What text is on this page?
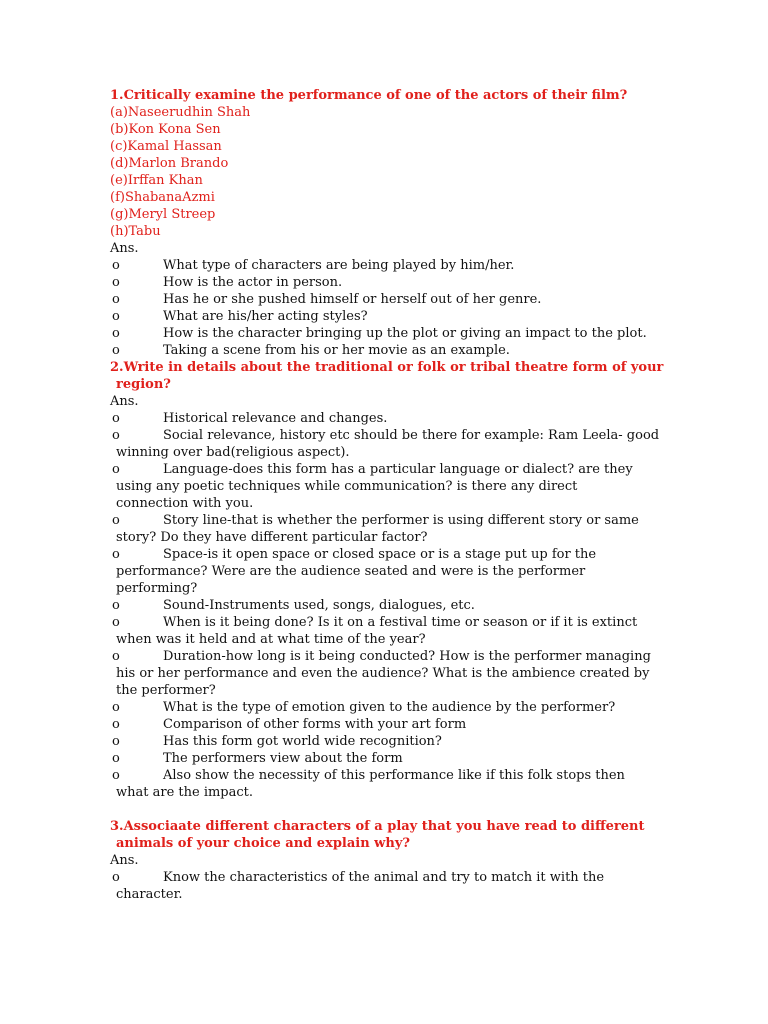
1.Critically examine the performance of one of the actors of their film?

(a)Naseerudhin Shah

(b)Kon Kona Sen

(c)Kamal Hassan

(d)Marlon Brando

(e)Irffan Khan

(f)ShabanaAzmi

(g)Meryl Streep

(h)Tabu

Ans.

o	What type of characters are being played by him/her.

o	How is the actor in person.

o	Has he or she pushed himself or herself out of her genre.

o	What are his/her acting styles?

o	How is the character bringing up the plot or giving an impact to the plot.

o	Taking a scene from his or her movie as an example.

2.Write in details about the traditional or folk or tribal theatre form of your
region?

Ans.

o	Historical relevance and changes.

o	Social relevance, history etc should be there for example: Ram Leela- good
winning over bad(religious aspect).

o	Language-does this form has a particular language or dialect? are they
using any poetic techniques while communication? is there any direct
connection with you.

o	Story line-that is whether the performer is using different story or same
story? Do they have different particular factor?

o	Space-is it open space or closed space or is a stage put up for the
performance? Were are the audience seated and were is the performer
performing?

o	Sound-Instruments used, songs, dialogues, etc.

o	When is it being done? Is it on a festival time or season or if it is extinct
when was it held and at what time of the year?

o	Duration-how long is it being conducted? How is the performer managing
his or her performance and even the audience? What is the ambience created by
the performer?

o	What is the type of emotion given to the audience by the performer?

o	Comparison of other forms with your art form

o	Has this form got world wide recognition?

o	The performers view about the form

o	Also show the necessity of this performance like if this folk stops then
what are the impact.

3.Associaate different characters of a play that you have read to different
animals of your choice and explain why?

Ans.

o	Know the characteristics of the animal and try to match it with the
character.
